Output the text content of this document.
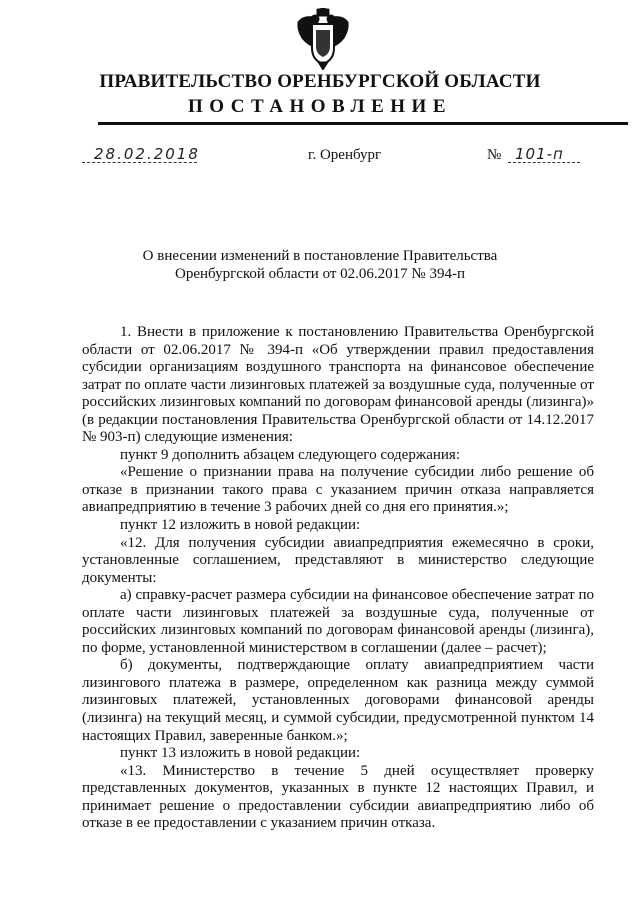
ПРАВИТЕЛЬСТВО ОРЕНБУРГСКОЙ ОБЛАСТИ
ПОСТАНОВЛЕНИЕ
28.02.2018	г. Оренбург	№ 101-п
О внесении изменений в постановление Правительства
Оренбургской области от 02.06.2017 № 394-п

1. Внести в приложение к постановлению Правительства Оренбургской области от 02.06.2017 № 394-п «Об утверждении правил предоставления субсидии организациям воздушного транспорта на финансовое обеспечение затрат по оплате части лизинговых платежей за воздушные суда, полученные от российских лизинговых компаний по договорам финансовой аренды (лизинга)» (в редакции постановления Правительства Оренбургской области от 14.12.2017 № 903-п) следующие изменения:

пункт 9 дополнить абзацем следующего содержания:

«Решение о признании права на получение субсидии либо решение об отказе в признании такого права с указанием причин отказа направляется авиапредприятию в течение 3 рабочих дней со дня его принятия.»;

пункт 12 изложить в новой редакции:

«12. Для получения субсидии авиапредприятия ежемесячно в сроки, установленные соглашением, представляют в министерство следующие документы:

а) справку-расчет размера субсидии на финансовое обеспечение затрат по оплате части лизинговых платежей за воздушные суда, полученные от российских лизинговых компаний по договорам финансовой аренды (лизинга), по форме, установленной министерством в соглашении (далее – расчет);

б) документы, подтверждающие оплату авиапредприятием части лизингового платежа в размере, определенном как разница между суммой лизинговых платежей, установленных договорами финансовой аренды (лизинга) на текущий месяц, и суммой субсидии, предусмотренной пунктом 14 настоящих Правил, заверенные банком.»;

пункт 13 изложить в новой редакции:

«13. Министерство в течение 5 дней осуществляет проверку представленных документов, указанных в пункте 12 настоящих Правил, и принимает решение о предоставлении субсидии авиапредприятию либо об отказе в ее предоставлении с указанием причин отказа.
